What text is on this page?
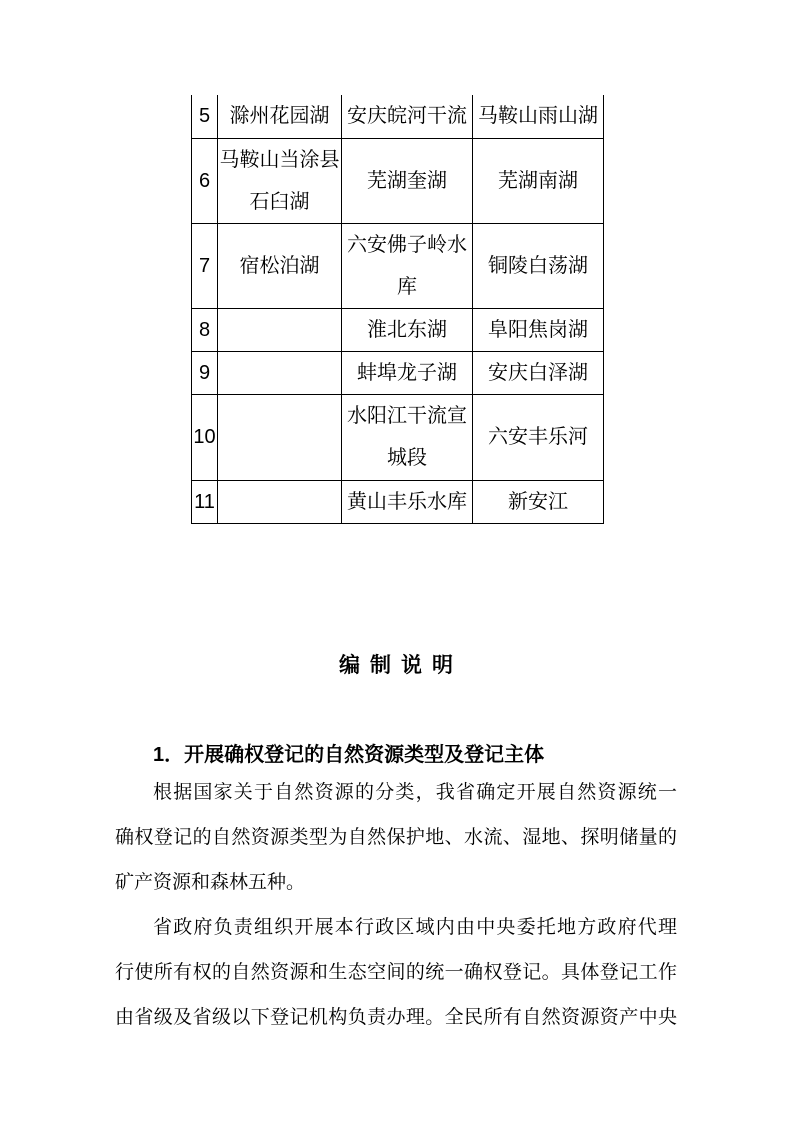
5	滁州花园湖	安庆皖河干流	马鞍山雨山湖
6	马鞍山当涂县石臼湖	芜湖奎湖	芜湖南湖
7	宿松泊湖	六安佛子岭水库	铜陵白荡湖
8		淮北东湖	阜阳焦岗湖
9		蚌埠龙子湖	安庆白泽湖
10		水阳江干流宣城段	六安丰乐河
11		黄山丰乐水库	新安江
编制说明
1．开展确权登记的自然资源类型及登记主体
根据国家关于自然资源的分类，我省确定开展自然资源统一
确权登记的自然资源类型为自然保护地、水流、湿地、探明储量的
矿产资源和森林五种。
省政府负责组织开展本行政区域内由中央委托地方政府代理
行使所有权的自然资源和生态空间的统一确权登记。具体登记工作
由省级及省级以下登记机构负责办理。全民所有自然资源资产中央
